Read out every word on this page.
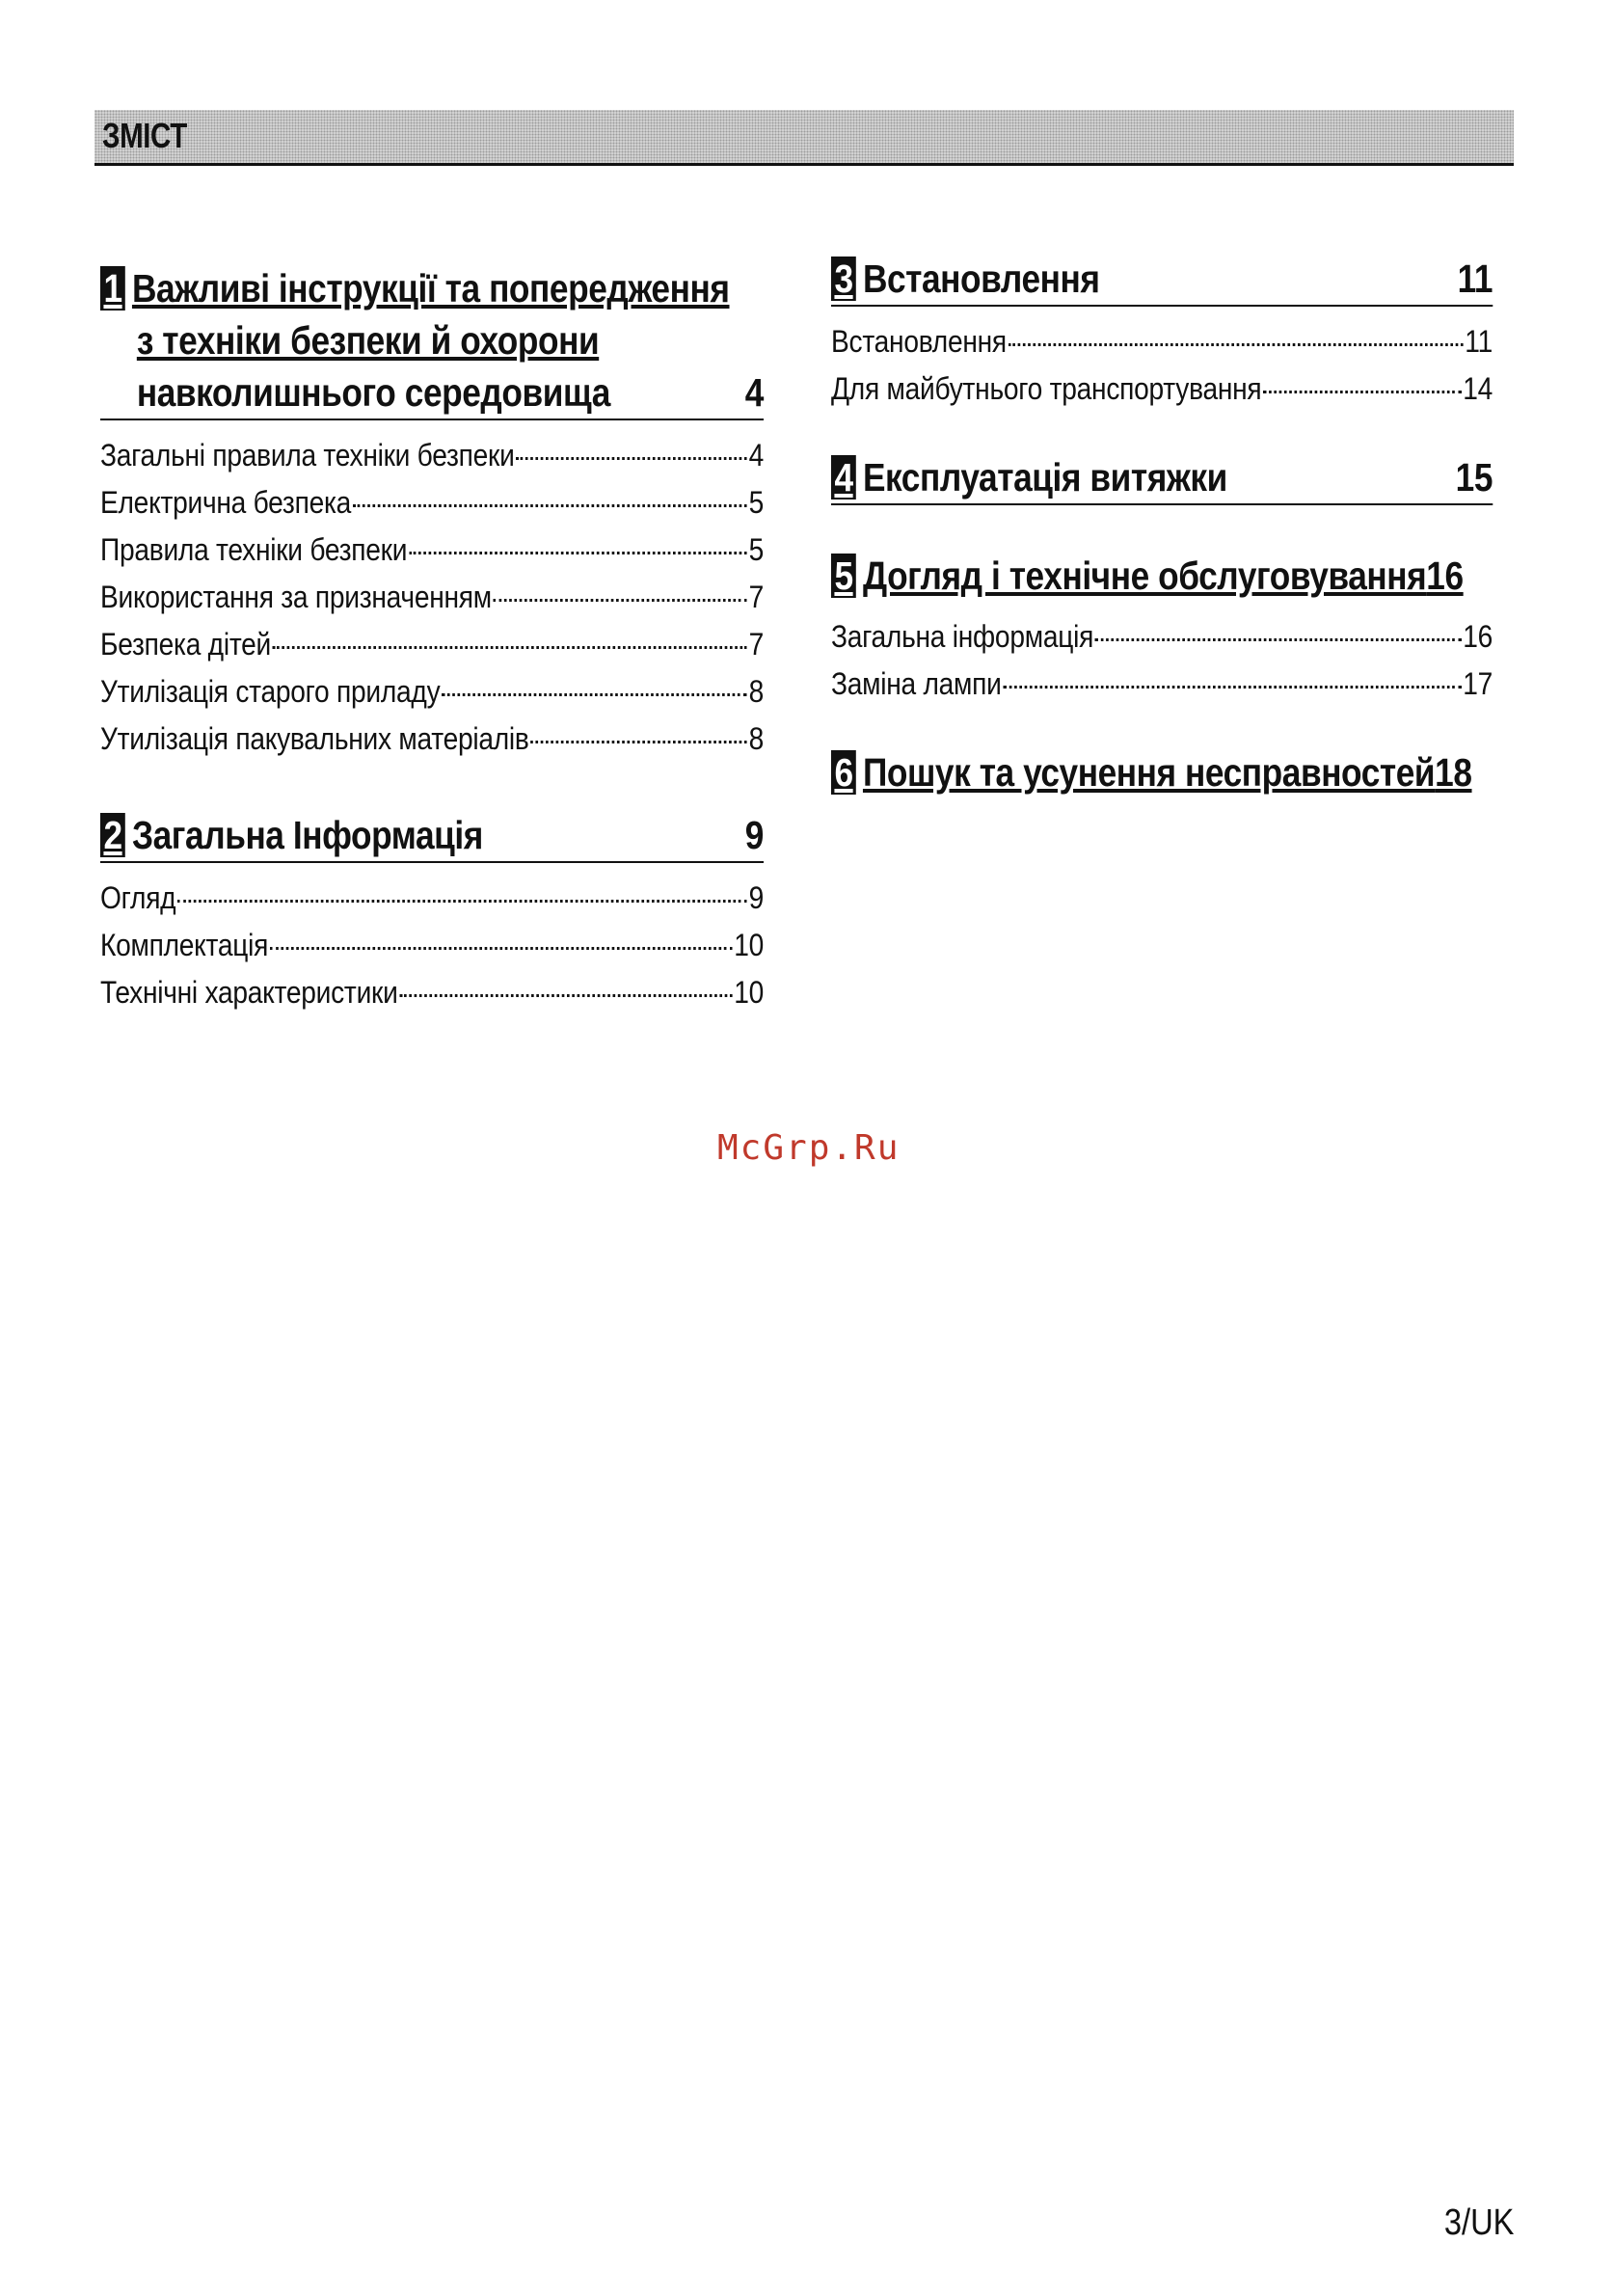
ЗМІСТ
1 Важливі інструкції та попередження
з техніки безпеки й охорони
навколишнього середовища	4
Загальні правила техніки безпеки	4
Електрична безпека	5
Правила техніки безпеки	5
Використання за призначенням	7
Безпека дітей	7
Утилізація старого приладу	8
Утилізація пакувальних матеріалів	8
2 Загальна Інформація	9
Огляд	9
Комплектація	10
Технічні характеристики	10
3 Встановлення	11
Встановлення	11
Для майбутнього транспортування	14
4 Експлуатація витяжки	15
5 Догляд і технічне обслуговування16
Загальна інформація	16
Заміна лампи	17
6 Пошук та усунення несправностей18
McGrp.Ru
3/UK
